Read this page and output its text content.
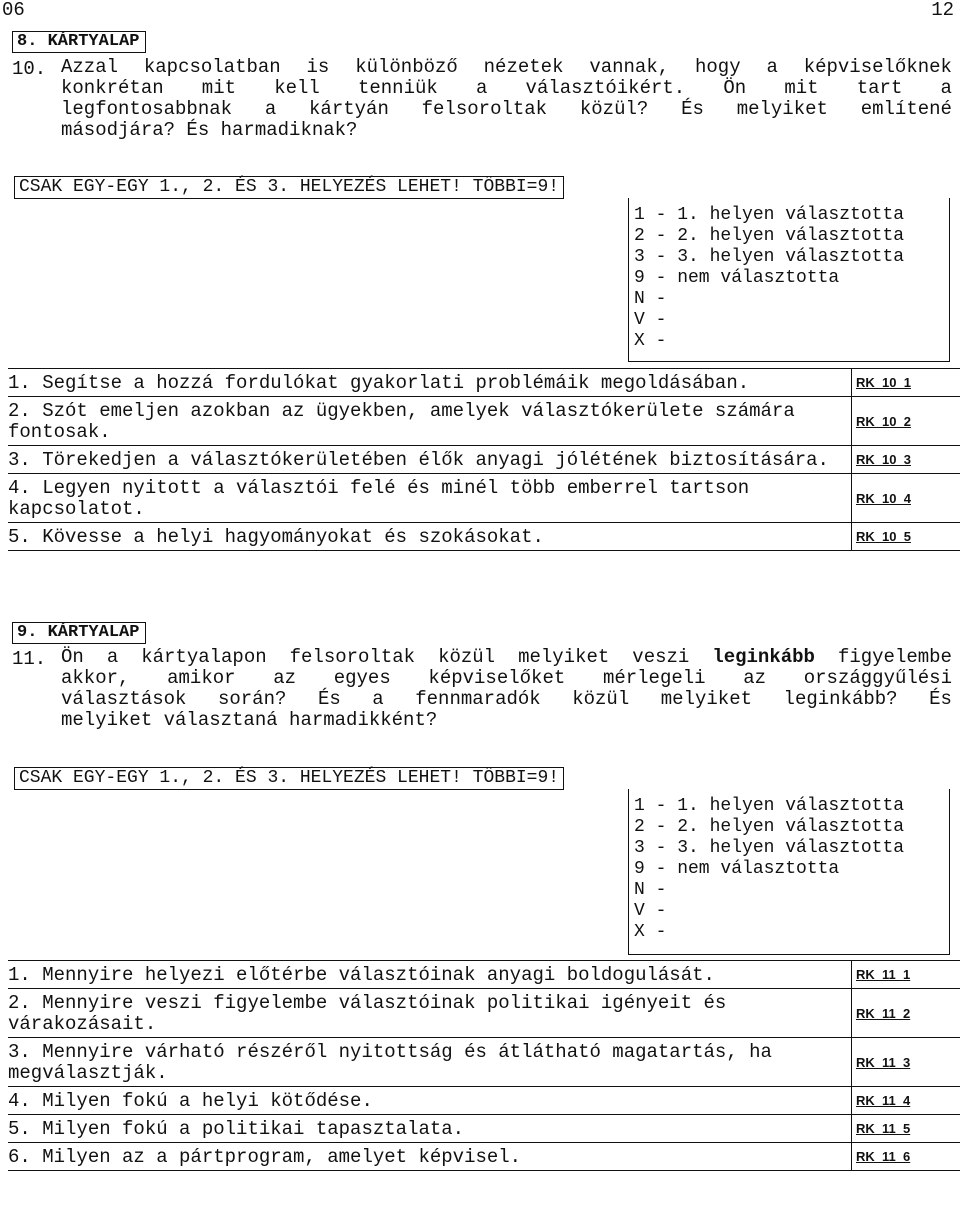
06	12
8. KÁRTYALAP
10. Azzal kapcsolatban is különböző nézetek vannak, hogy a képviselőknek
konkrétan mit kell tenniük a választóikért. Ön mit tart a
legfontosabbnak a kártyán felsoroltak közül? És melyiket említené
másodjára? És harmadiknak?
CSAK EGY-EGY 1., 2. ÉS 3. HELYEZÉS LEHET! TÖBBI=9!
1 - 1. helyen választotta
2 - 2. helyen választotta
3 - 3. helyen választotta
9 - nem választotta
N -
V -
X -
1. Segítse a hozzá fordulókat gyakorlati problémáik megoldásában.	RK_10_1
2. Szót emeljen azokban az ügyekben, amelyek választókerülete számára fontosak.	RK_10_2
3. Törekedjen a választókerületében élők anyagi jólétének biztosítására.	RK_10_3
4. Legyen nyitott a választói felé és minél több emberrel tartson kapcsolatot.	RK_10_4
5. Kövesse a helyi hagyományokat és szokásokat.	RK_10_5
9. KÁRTYALAP
11. Ön a kártyalapon felsoroltak közül melyiket veszi leginkább figyelembe
akkor, amikor az egyes képviselőket mérlegeli az országgyűlési
választások során? És a fennmaradók közül melyiket leginkább? És
melyiket választaná harmadikként?
CSAK EGY-EGY 1., 2. ÉS 3. HELYEZÉS LEHET! TÖBBI=9!
1 - 1. helyen választotta
2 - 2. helyen választotta
3 - 3. helyen választotta
9 - nem választotta
N -
V -
X -
1. Mennyire helyezi előtérbe választóinak anyagi boldogulását.	RK_11_1
2. Mennyire veszi figyelembe választóinak politikai igényeit és várakozásait.	RK_11_2
3. Mennyire várható részéről nyitottság és átlátható magatartás, ha megválasztják.	RK_11_3
4. Milyen fokú a helyi kötődése.	RK_11_4
5. Milyen fokú a politikai tapasztalata.	RK_11_5
6. Milyen az a pártprogram, amelyet képvisel.	RK_11_6
